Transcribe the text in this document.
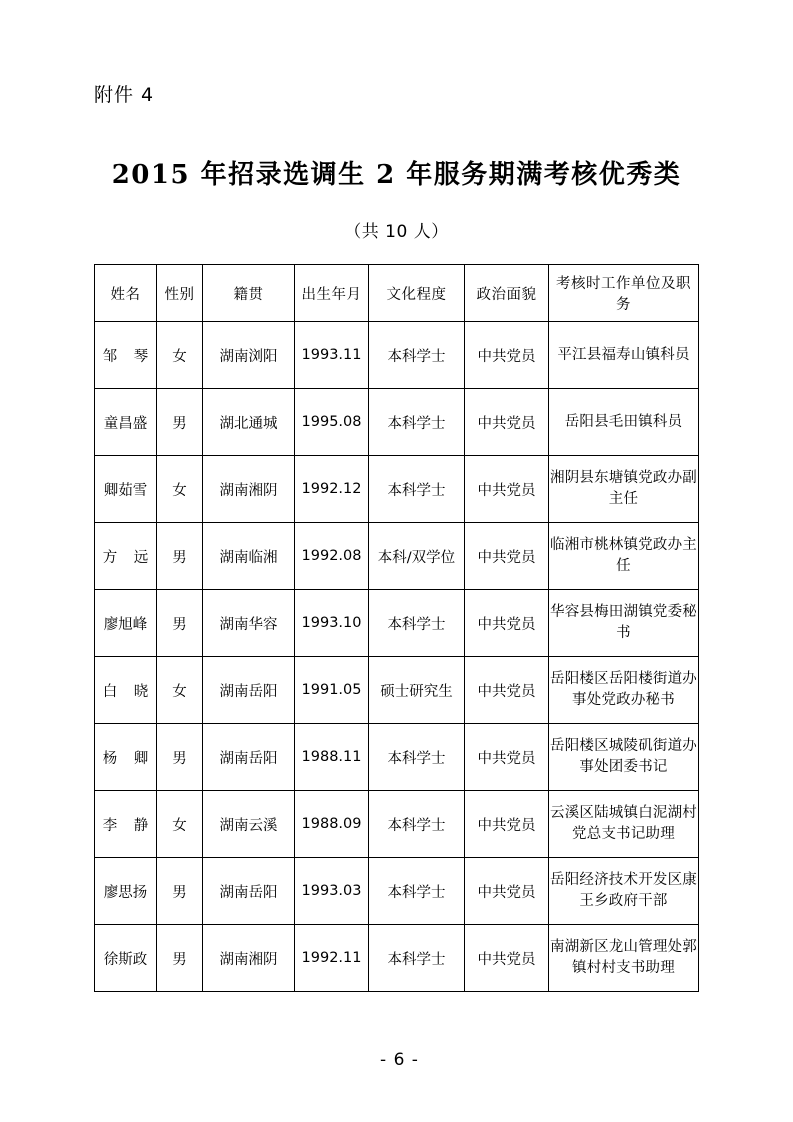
附件 4
2015 年招录选调生 2 年服务期满考核优秀类
（共 10 人）
姓名	性别	籍贯	出生年月	文化程度	政治面貌	考核时工作单位及职务
邹 琴	女	湖南浏阳	1993.11	本科学士	中共党员	平江县福寿山镇科员
童昌盛	男	湖北通城	1995.08	本科学士	中共党员	岳阳县毛田镇科员
卿茹雪	女	湖南湘阴	1992.12	本科学士	中共党员	湘阴县东塘镇党政办副主任
方 远	男	湖南临湘	1992.08	本科/双学位	中共党员	临湘市桃林镇党政办主任
廖旭峰	男	湖南华容	1993.10	本科学士	中共党员	华容县梅田湖镇党委秘书
白 晓	女	湖南岳阳	1991.05	硕士研究生	中共党员	岳阳楼区岳阳楼街道办事处党政办秘书
杨 卿	男	湖南岳阳	1988.11	本科学士	中共党员	岳阳楼区城陵矶街道办事处团委书记
李 静	女	湖南云溪	1988.09	本科学士	中共党员	云溪区陆城镇白泥湖村党总支书记助理
廖思扬	男	湖南岳阳	1993.03	本科学士	中共党员	岳阳经济技术开发区康王乡政府干部
徐斯政	男	湖南湘阴	1992.11	本科学士	中共党员	南湖新区龙山管理处郭镇村村支书助理
- 6 -
